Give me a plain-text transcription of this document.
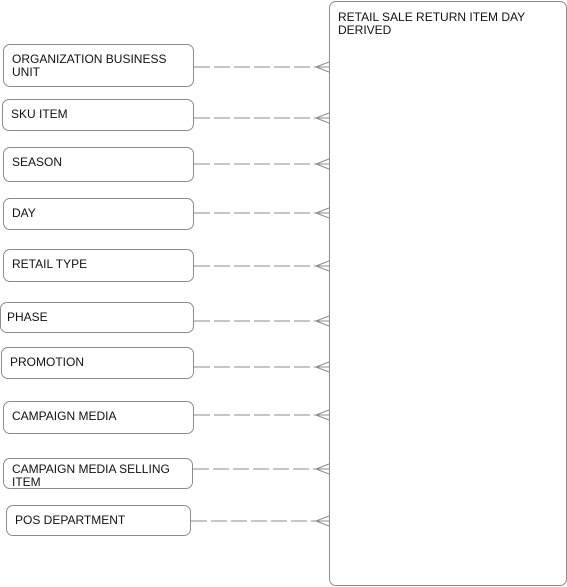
RETAIL SALE RETURN ITEM DAY DERIVED
ORGANIZATION BUSINESS UNIT
SKU ITEM
SEASON
DAY
RETAIL TYPE
PHASE
PROMOTION
CAMPAIGN MEDIA
CAMPAIGN MEDIA SELLING ITEM
POS DEPARTMENT
